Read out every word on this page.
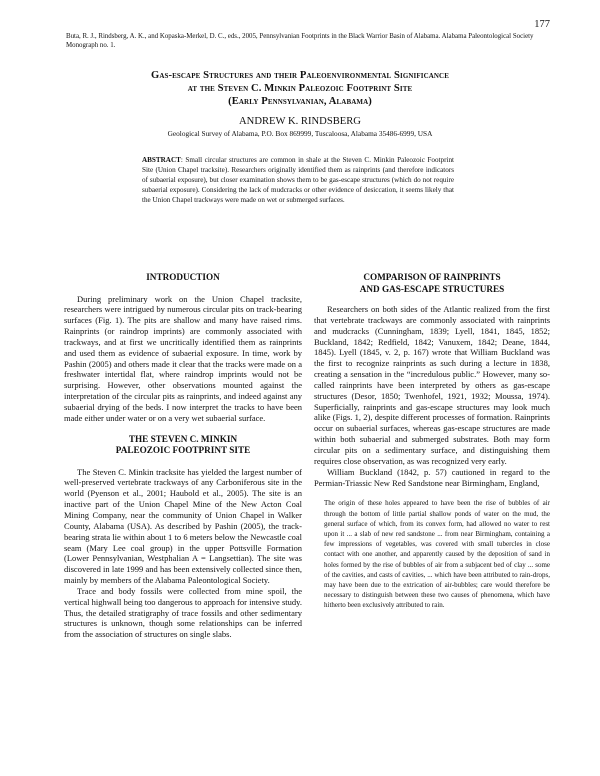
177
Buta, R. J., Rindsberg, A. K., and Kopaska-Merkel, D. C., eds., 2005, Pennsylvanian Footprints in the Black Warrior Basin of Alabama. Alabama Paleontological Society Monograph no. 1.
Gas-escape Structures and their Paleoenvironmental Significance
at the Steven C. Minkin Paleozoic Footprint Site
(Early Pennsylvanian, Alabama)
ANDREW K. RINDSBERG
Geological Survey of Alabama, P.O. Box 869999, Tuscaloosa, Alabama 35486-6999, USA
ABSTRACT: Small circular structures are common in shale at the Steven C. Minkin Paleozoic Footprint Site (Union Chapel tracksite). Researchers originally identified them as rainprints (and therefore indicators of subaerial exposure), but closer examination shows them to be gas-escape structures (which do not require subaerial exposure). Considering the lack of mudcracks or other evidence of desiccation, it seems likely that the Union Chapel trackways were made on wet or submerged surfaces.
INTRODUCTION

During preliminary work on the Union Chapel tracksite, researchers were intrigued by numerous circular pits on track-bearing surfaces (Fig. 1). The pits are shallow and many have raised rims. Rainprints (or raindrop imprints) are commonly associated with trackways, and at first we uncritically identified them as rainprints and used them as evidence of subaerial exposure. In time, work by Pashin (2005) and others made it clear that the tracks were made on a freshwater intertidal flat, where raindrop imprints would not be surprising. However, other observations mounted against the interpretation of the circular pits as rainprints, and indeed against any subaerial drying of the beds. I now interpret the tracks to have been made either under water or on a very wet subaerial surface.

THE STEVEN C. MINKIN
PALEOZOIC FOOTPRINT SITE

The Steven C. Minkin tracksite has yielded the largest number of well-preserved vertebrate trackways of any Carboniferous site in the world (Pyenson et al., 2001; Haubold et al., 2005). The site is an inactive part of the Union Chapel Mine of the New Acton Coal Mining Company, near the community of Union Chapel in Walker County, Alabama (USA). As described by Pashin (2005), the track-bearing strata lie within about 1 to 6 meters below the Newcastle coal seam (Mary Lee coal group) in the upper Pottsville Formation (Lower Pennsylvanian, Westphalian A = Langsettian). The site was discovered in late 1999 and has been extensively collected since then, mainly by members of the Alabama Paleontological Society.

Trace and body fossils were collected from mine spoil, the vertical highwall being too dangerous to approach for intensive study. Thus, the detailed stratigraphy of trace fossils and other sedimentary structures is unknown, though some relationships can be inferred from the association of structures on single slabs.

COMPARISON OF RAINPRINTS
AND GAS-ESCAPE STRUCTURES

Researchers on both sides of the Atlantic realized from the first that vertebrate trackways are commonly associated with rainprints and mudcracks (Cunningham, 1839; Lyell, 1841, 1845, 1852; Buckland, 1842; Redfield, 1842; Vanuxem, 1842; Deane, 1844, 1845). Lyell (1845, v. 2, p. 167) wrote that William Buckland was the first to recognize rainprints as such during a lecture in 1838, creating a sensation in the “incredulous public.” However, many so-called rainprints have been interpreted by others as gas-escape structures (Desor, 1850; Twenhofel, 1921, 1932; Moussa, 1974). Superficially, rainprints and gas-escape structures may look much alike (Figs. 1, 2), despite different processes of formation. Rainprints occur on subaerial surfaces, whereas gas-escape structures are made within both subaerial and submerged substrates. Both may form circular pits on a sedimentary surface, and distinguishing them requires close observation, as was recognized very early.

William Buckland (1842, p. 57) cautioned in regard to the Permian-Triassic New Red Sandstone near Birmingham, England,

The origin of these holes appeared to have been the rise of bubbles of air through the bottom of little partial shallow ponds of water on the mud, the general surface of which, from its convex form, had allowed no water to rest upon it ... a slab of new red sandstone ... from near Birmingham, containing a few impressions of vegetables, was covered with small tubercles in close contact with one another, and apparently caused by the deposition of sand in holes formed by the rise of bubbles of air from a subjacent bed of clay ... some of the cavities, and casts of cavities, ... which have been attributed to rain-drops, may have been due to the extrication of air-bubbles; care would therefore be necessary to distinguish between these two causes of phenomena, which have hitherto been exclusively attributed to rain.
